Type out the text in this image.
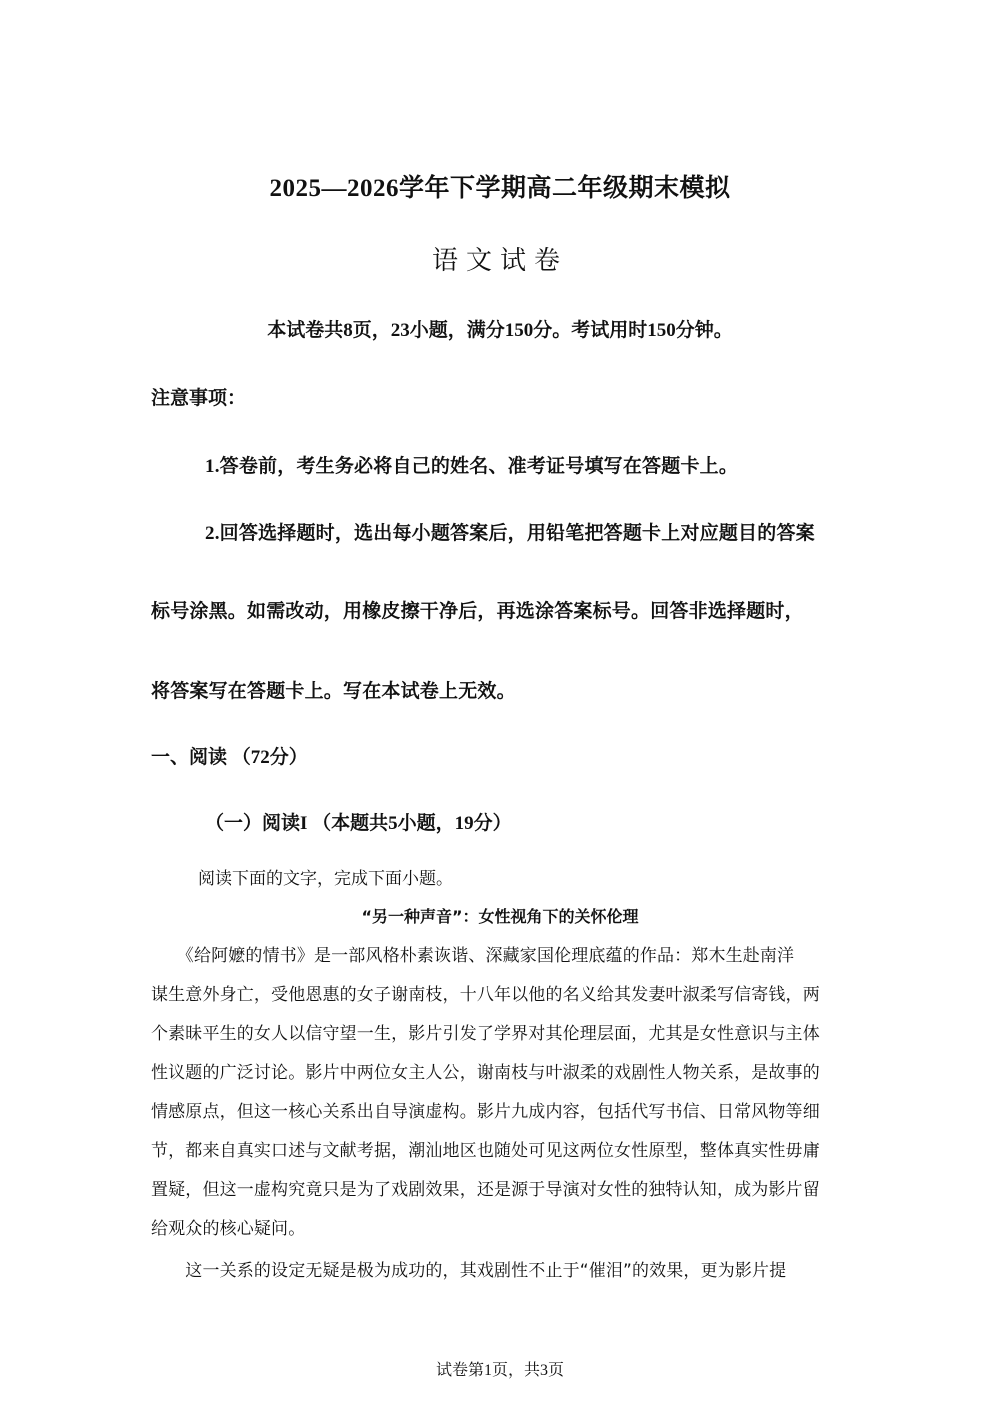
2025—2026学年下学期高二年级期末模拟
语文试卷
本试卷共8页，23小题，满分150分。考试用时150分钟。
注意事项：
1.答卷前，考生务必将自己的姓名、准考证号填写在答题卡上。
2.回答选择题时，选出每小题答案后，用铅笔把答题卡上对应题目的答案
标号涂黑。如需改动，用橡皮擦干净后，再选涂答案标号。回答非选择题时，
将答案写在答题卡上。写在本试卷上无效。
一、阅读 （72分）
（一）阅读I （本题共5小题，19分）
阅读下面的文字，完成下面小题。
“另一种声音”：女性视角下的关怀伦理
　　《给阿嬷的情书》是一部风格朴素诙谐、深藏家国伦理底蕴的作品：郑木生赴南洋
谋生意外身亡，受他恩惠的女子谢南枝，十八年以他的名义给其发妻叶淑柔写信寄钱，两
个素昧平生的女人以信守望一生，影片引发了学界对其伦理层面，尤其是女性意识与主体
性议题的广泛讨论。影片中两位女主人公，谢南枝与叶淑柔的戏剧性人物关系，是故事的
情感原点，但这一核心关系出自导演虚构。影片九成内容，包括代写书信、日常风物等细
节，都来自真实口述与文献考据，潮汕地区也随处可见这两位女性原型，整体真实性毋庸
置疑，但这一虚构究竟只是为了戏剧效果，还是源于导演对女性的独特认知，成为影片留
给观众的核心疑问。
　　这一关系的设定无疑是极为成功的，其戏剧性不止于“催泪”的效果，更为影片提
试卷第1页，共3页
